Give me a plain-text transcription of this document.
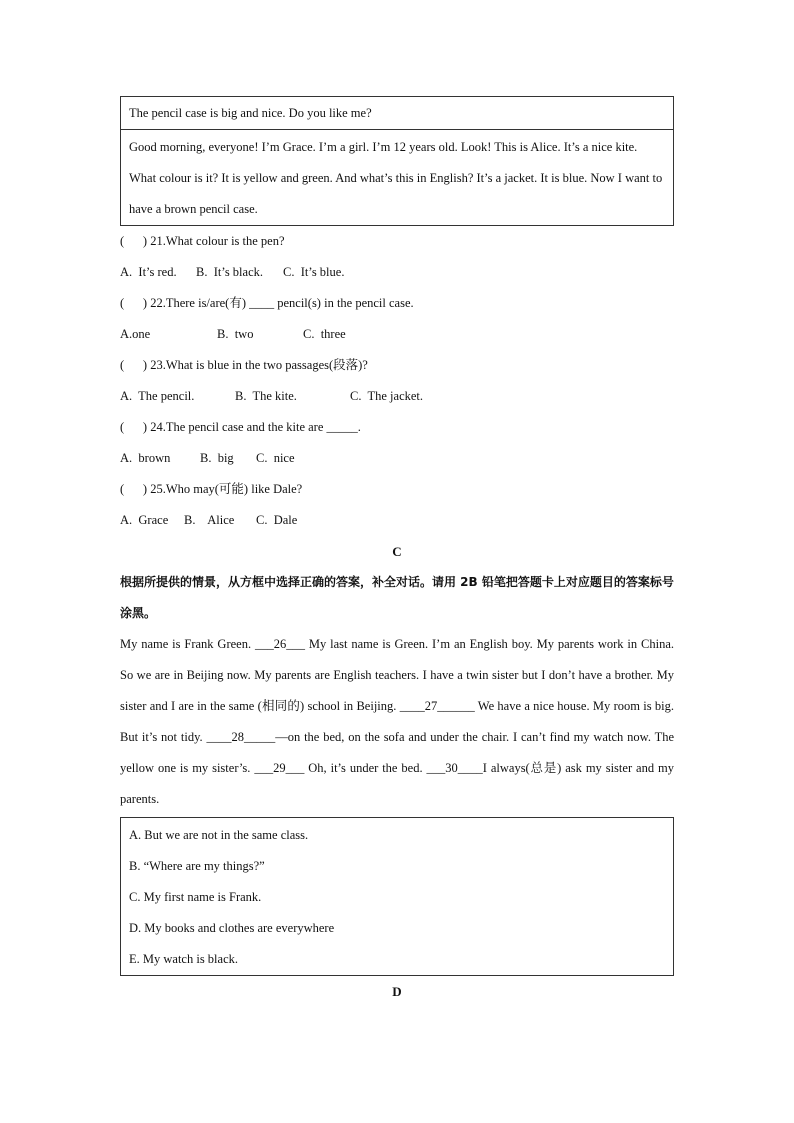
The pencil case is big and nice. Do you like me?
Good morning, everyone! I’m Grace. I’m a girl. I’m 12 years old. Look! This is Alice. It’s a nice kite. What colour is it? It is yellow and green. And what’s this in English? It’s a jacket. It is blue. Now I want to have a brown pencil case.
(      ) 21.What colour is the pen?
A.  It’s red.	B.  It’s black.	C.  It’s blue.
(      ) 22.There is/are(有) ____ pencil(s) in the pencil case.
A.one	B.  two	C.  three
(      ) 23.What is blue in the two passages(段落)?
A.  The pencil.	B.  The kite.	C.  The jacket.
(      ) 24.The pencil case and the kite are _____.
A.  brown	B.  big	C.  nice
(      ) 25.Who may(可能) like Dale?
A.  Grace	B.    Alice	C.  Dale
C
根据所提供的情景，从方框中选择正确的答案，补全对话。请用 2B 铅笔把答题卡上对应题目的答案标号涂黑。
My name is Frank Green. ___26___ My last name is Green. I’m an English boy. My parents work in China. So we are in Beijing now. My parents are English teachers. I have a twin sister but I don’t have a brother. My sister and I are in the same (相同的) school in Beijing. ____27______ We have a nice house. My room is big. But it’s not tidy. ____28_____—on the bed, on the sofa and under the chair. I can’t find my watch now. The yellow one is my sister’s. ___29___ Oh, it’s under the bed. ___30____I always(总是) ask my sister and my parents.
A. But we are not in the same class.
B. “Where are my things?”
C. My first name is Frank.
D. My books and clothes are everywhere
E. My watch is black.
D
